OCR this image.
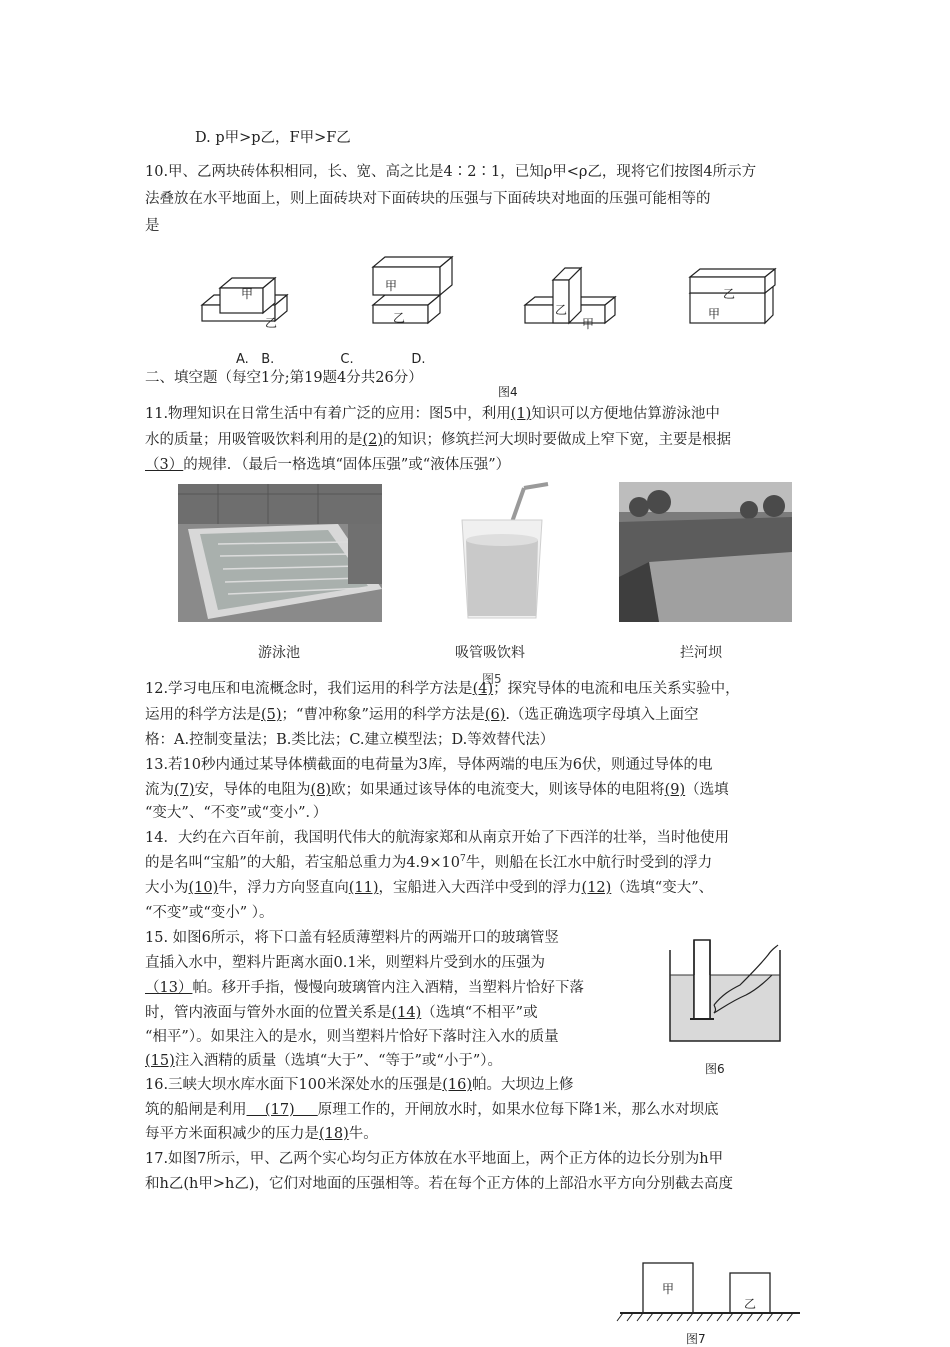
D. p甲>p乙，F甲>F乙
10.甲、乙两块砖体积相同，长、宽、高之比是4∶2∶1，已知ρ甲<ρ乙，现将它们按图4所示方
法叠放在水平地面上，则上面砖块对下面砖块的压强与下面砖块对地面的压强可能相等的
是
甲
乙
甲
乙
乙
甲
乙
甲
A.   B.                C.              D.
二、填空题（每空1分;第19题4分共26分）
图4
11.物理知识在日常生活中有着广泛的应用：图5中，利用(1)知识可以方便地估算游泳池中
水的质量；用吸管吸饮料利用的是(2)的知识；修筑拦河大坝时要做成上窄下宽，主要是根据
（3）的规律．（最后一格选填“固体压强”或“液体压强”）
游泳池	吸管吸饮料	拦河坝
图5
12.学习电压和电流概念时，我们运用的科学方法是(4)；探究导体的电流和电压关系实验中，
运用的科学方法是(5)；“曹冲称象”运用的科学方法是(6).（选正确选项字母填入上面空
格：A.控制变量法；B.类比法；C.建立模型法；D.等效替代法）
13.若10秒内通过某导体横截面的电荷量为3库，导体两端的电压为6伏，则通过导体的电
流为(7)安，导体的电阻为(8)欧；如果通过该导体的电流变大，则该导体的电阻将(9)（选填
“变大”、“不变”或“变小”．）
14．大约在六百年前，我国明代伟大的航海家郑和从南京开始了下西洋的壮举，当时他使用
的是名叫“宝船”的大船，若宝船总重力为$4.9\times 10^7$牛，则船在长江水中航行时受到的浮力
大小为(10)牛，浮力方向竖直向(11)，宝船进入大西洋中受到的浮力(12)（选填“变大”、
“不变”或“变小” ）。
15. 如图6所示，将下口盖有轻质薄塑料片的两端开口的玻璃管竖
直插入水中，塑料片距离水面0.1米，则塑料片受到水的压强为
（13）帕。移开手指，慢慢向玻璃管内注入酒精，当塑料片恰好下落
时，管内液面与管外水面的位置关系是(14)（选填“不相平”或
“相平”）。如果注入的是水，则当塑料片恰好下落时注入水的质量
(15)注入酒精的质量（选填“大于”、“等于”或“小于”）。	图6
16.三峡大坝水库水面下100米深处水的压强是(16)帕。大坝边上修
筑的船闸是利用    (17)     原理工作的，开闸放水时，如果水位每下降1米，那么水对坝底
每平方米面积减少的压力是(18)牛。
17.如图7所示，甲、乙两个实心均匀正方体放在水平地面上，两个正方体的边长分别为h甲
和h乙(h甲>h乙)，它们对地面的压强相等。若在每个正方体的上部沿水平方向分别截去高度
甲
乙
图7
